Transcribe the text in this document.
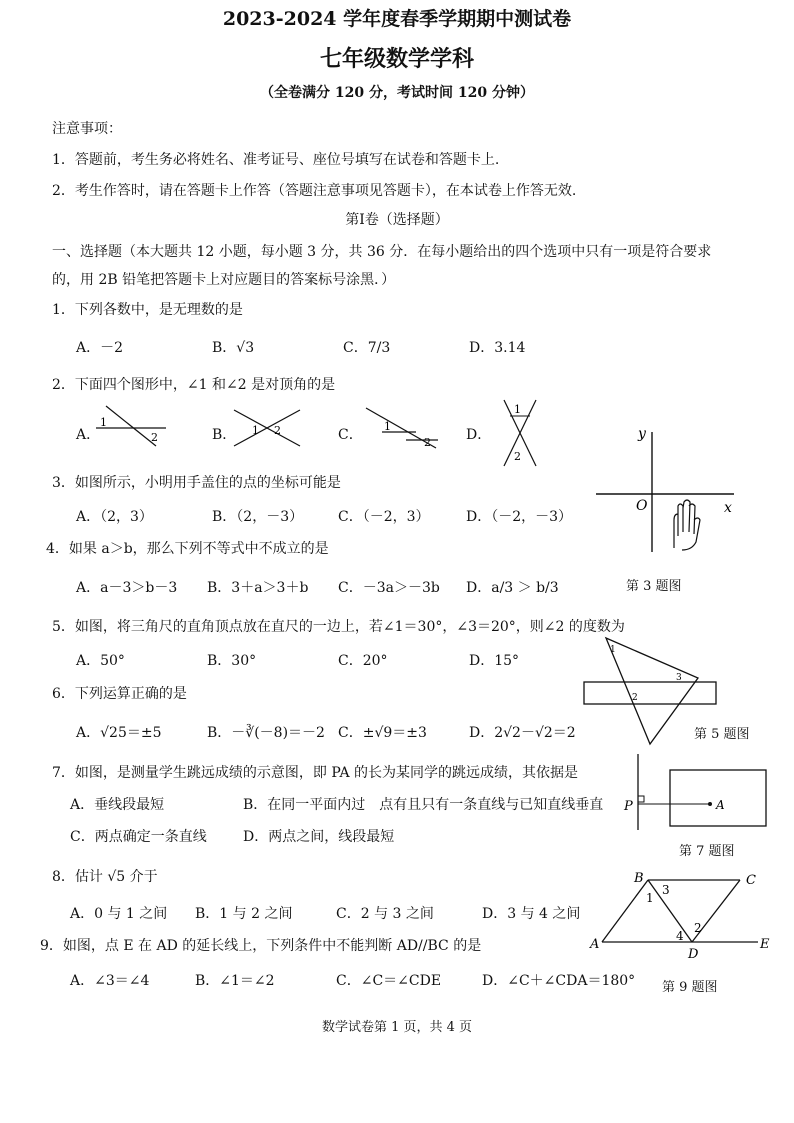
2023-2024 学年度春季学期期中测试卷
七年级数学学科
（全卷满分 120 分，考试时间 120 分钟）
注意事项：
1．答题前，考生务必将姓名、准考证号、座位号填写在试卷和答题卡上.
2．考生作答时，请在答题卡上作答（答题注意事项见答题卡），在本试卷上作答无效.
第Ⅰ卷（选择题）
一、选择题（本大题共 12 小题，每小题 3 分，共 36 分．在每小题给出的四个选项中只有一项是符合要求
的，用 2B 铅笔把答题卡上对应题目的答案标号涂黑．）
1．下列各数中，是无理数的是
A．－2	B．√3	C．7/3	D．3.14
2．下面四个图形中，∠1 和∠2 是对顶角的是
A．	B．	C．	D．
1
2
1 2	1
2
1
2
3．如图所示，小明用手盖住的点的坐标可能是
A．（2，3）	B．（2，－3） C．（－2，3）	D．（－2，－3）
y
x
O
第 3 题图
4．如果 a＞b，那么下列不等式中不成立的是
A．a－3＞b－3 B．3＋a＞3＋b C．－3a＞－3b D．a/3 ＞ b/3
5．如图，将三角尺的直角顶点放在直尺的一边上，若∠1＝30°，∠3＝20°，则∠2 的度数为
A．50°	B．30°	C．20°	D．15°
1
2
3
6．下列运算正确的是
A．√25＝±5	B．－∛(－8)＝－2 C．±√9＝±3	D．2√2－√2＝2	第 5 题图
7．如图，是测量学生跳远成绩的示意图，即 PA 的长为某同学的跳远成绩，其依据是
A．垂线段最短	B．在同一平面内过　点有且只有一条直线与已知直线垂直
C．两点确定一条直线	D．两点之间，线段最短
P	A
第 7 题图
8．估计 √5 介于
A．0 与 1 之间 B．1 与 2 之间	C．2 与 3 之间	D．3 与 4 之间
9．如图，点 E 在 AD 的延长线上，下列条件中不能判断 AD//BC 的是
A．∠3＝∠4	B．∠1＝∠2	C．∠C＝∠CDE	D．∠C＋∠CDA＝180°
A
B	C
D
E
1
3
2
4
第 9 题图
数学试卷第 1 页，共 4 页
